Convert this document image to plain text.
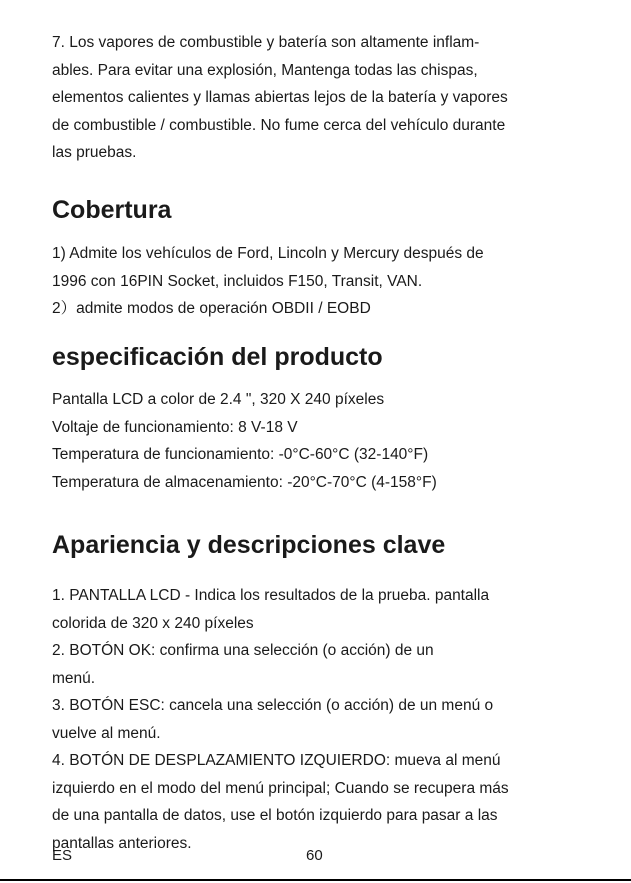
7. Los vapores de combustible y batería son altamente inflam-
ables. Para evitar una explosión, Mantenga todas las chispas,
elementos calientes y llamas abiertas lejos de la batería y vapores
de combustible / combustible. No fume cerca del vehículo durante
las pruebas.
Cobertura
1) Admite los vehículos de Ford, Lincoln y Mercury después de
1996 con 16PIN Socket, incluidos F150, Transit, VAN.
2）admite modos de operación OBDII / EOBD
especificación del producto
Pantalla LCD a color de 2.4 ", 320 X 240 píxeles
Voltaje de funcionamiento: 8 V-18 V
Temperatura de funcionamiento: -0°C-60°C (32-140°F)
Temperatura de almacenamiento: -20°C-70°C (4-158°F)
Apariencia y descripciones clave
1. PANTALLA LCD - Indica los resultados de la prueba. pantalla
colorida de 320 x 240 píxeles
2. BOTÓN OK: confirma una selección (o acción) de un
menú.
3. BOTÓN ESC: cancela una selección (o acción) de un menú o
vuelve al menú.
4. BOTÓN DE DESPLAZAMIENTO IZQUIERDO: mueva al menú
izquierdo en el modo del menú principal; Cuando se recupera más
de una pantalla de datos, use el botón izquierdo para pasar a las
pantallas anteriores.
ES	60
